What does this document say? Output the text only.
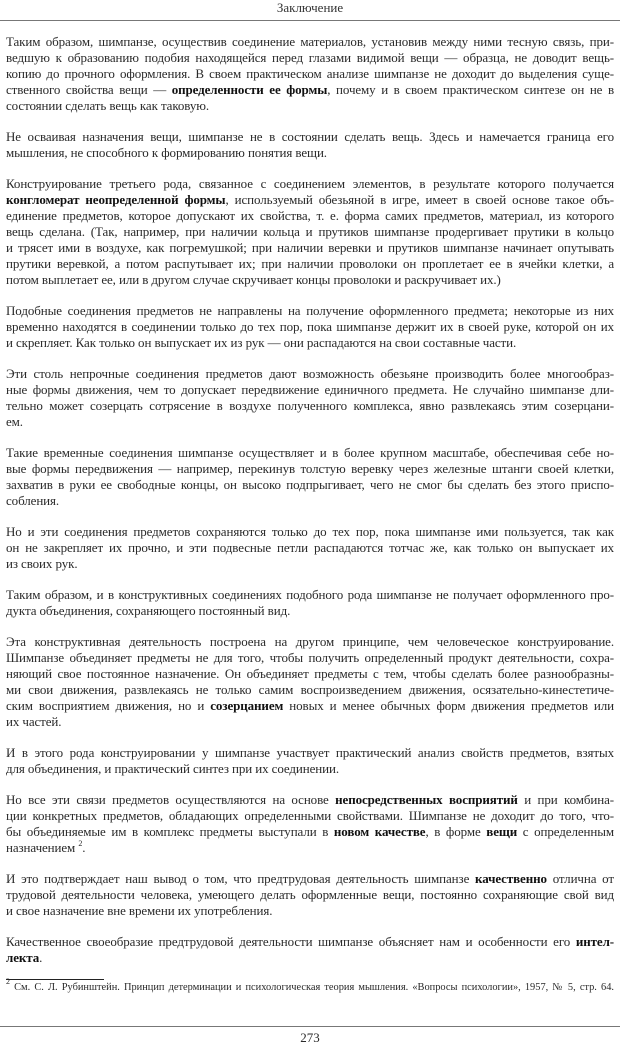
Заключение
Таким образом, шимпанзе, осуществив соединение материалов, установив между ними тесную связь, при-
ведшую к образованию подобия находящейся перед глазами видимой вещи — образца, не доводит вещь-
копию до прочного оформления. В своем практическом анализе шимпанзе не доходит до выделения суще-
ственного свойства вещи — определенности ее формы, почему и в своем практическом синтезе он не в
состоянии сделать вещь как таковую.
Не осваивая назначения вещи, шимпанзе не в состоянии сделать вещь. Здесь и намечается граница его
мышления, не способного к формированию понятия вещи.
Конструирование третьего рода, связанное с соединением элементов, в результате которого получается
конгломерат неопределенной формы, используемый обезьяной в игре, имеет в своей основе такое объ-
единение предметов, которое допускают их свойства, т. е. форма самих предметов, материал, из которого
вещь сделана. (Так, например, при наличии кольца и прутиков шимпанзе продергивает прутики в кольцо
и трясет ими в воздухе, как погремушкой; при наличии веревки и прутиков шимпанзе начинает опутывать
прутики веревкой, а потом распутывает их; при наличии проволоки он проплетает ее в ячейки клетки, а
потом выплетает ее, или в другом случае скручивает концы проволоки и раскручивает их.)
Подобные соединения предметов не направлены на получение оформленного предмета; некоторые из них
временно находятся в соединении только до тех пор, пока шимпанзе держит их в своей руке, которой он их
и скрепляет. Как только он выпускает их из рук — они распадаются на свои составные части.
Эти столь непрочные соединения предметов дают возможность обезьяне производить более многообраз-
ные формы движения, чем то допускает передвижение единичного предмета. Не случайно шимпанзе дли-
тельно может созерцать сотрясение в воздухе полученного комплекса, явно развлекаясь этим созерцани-
ем.
Такие временные соединения шимпанзе осуществляет и в более крупном масштабе, обеспечивая себе но-
вые формы передвижения — например, перекинув толстую веревку через железные штанги своей клетки,
захватив в руки ее свободные концы, он высоко подпрыгивает, чего не смог бы сделать без этого приспо-
собления.
Но и эти соединения предметов сохраняются только до тех пор, пока шимпанзе ими пользуется, так как
он не закрепляет их прочно, и эти подвесные петли распадаются тотчас же, как только он выпускает их
из своих рук.
Таким образом, и в конструктивных соединениях подобного рода шимпанзе не получает оформленного про-
дукта объединения, сохраняющего постоянный вид.
Эта конструктивная деятельность построена на другом принципе, чем человеческое конструирование.
Шимпанзе объединяет предметы не для того, чтобы получить определенный продукт деятельности, сохра-
няющий свое постоянное назначение. Он объединяет предметы с тем, чтобы сделать более разнообразны-
ми свои движения, развлекаясь не только самим воспроизведением движения, осязательно-кинестетиче-
ским восприятием движения, но и созерцанием новых и менее обычных форм движения предметов или
их частей.
И в этого рода конструировании у шимпанзе участвует практический анализ свойств предметов, взятых
для объединения, и практический синтез при их соединении.
Но все эти связи предметов осуществляются на основе непосредственных восприятий и при комбина-
ции конкретных предметов, обладающих определенными свойствами. Шимпанзе не доходит до того, что-
бы объединяемые им в комплекс предметы выступали в новом качестве, в форме вещи с определенным
назначением $^2$.
И это подтверждает наш вывод о том, что предтрудовая деятельность шимпанзе качественно отлична от
трудовой деятельности человека, умеющего делать оформленные вещи, постоянно сохраняющие свой вид
и свое назначение вне времени их употребления.
Качественное своеобразие предтрудовой деятельности шимпанзе объясняет нам и особенности его интел-
лекта.
$^2$ См. С. Л. Рубинштейн. Принцип детерминации и психологическая теория мышления. «Вопросы психологии», 1957, № 5, стр. 64.
273
